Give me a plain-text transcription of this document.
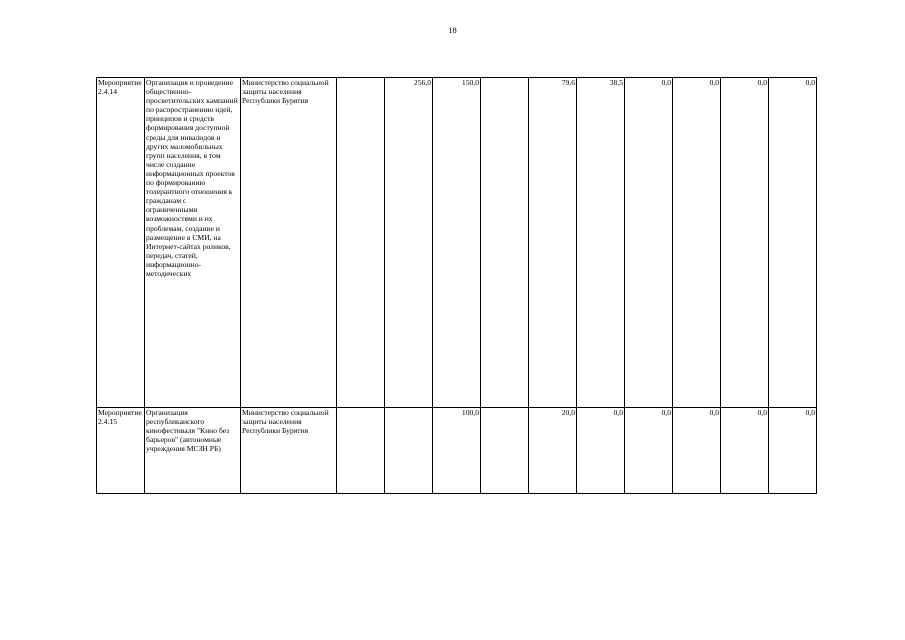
18
Мероприятие 2.4.14	Организация и проведение общественно-просветительских кампаний по распространению идей, принципов и средств формирования доступной среды для инвалидов и других маломобильных групп населения, в том числе создание информационных проектов по формированию толерантного отношения к гражданам с ограниченными возможностями и их проблемам, создание и размещение в СМИ, на Интернет-сайтах роликов, передач, статей, информационно-методических	Министерство социальной защиты населения Республики Бурятия		256,0	150,0		79,6	38,5	0,0	0,0	0,0	0,0

Мероприятие 2.4.15	Организация республиканского кинофестиваля "Кино без барьеров" (автономные учреждения МСЗН РБ)	Министерство социальной защиты населения Республики Бурятия			100,0		20,0	0,0	0,0	0,0	0,0	0,0
